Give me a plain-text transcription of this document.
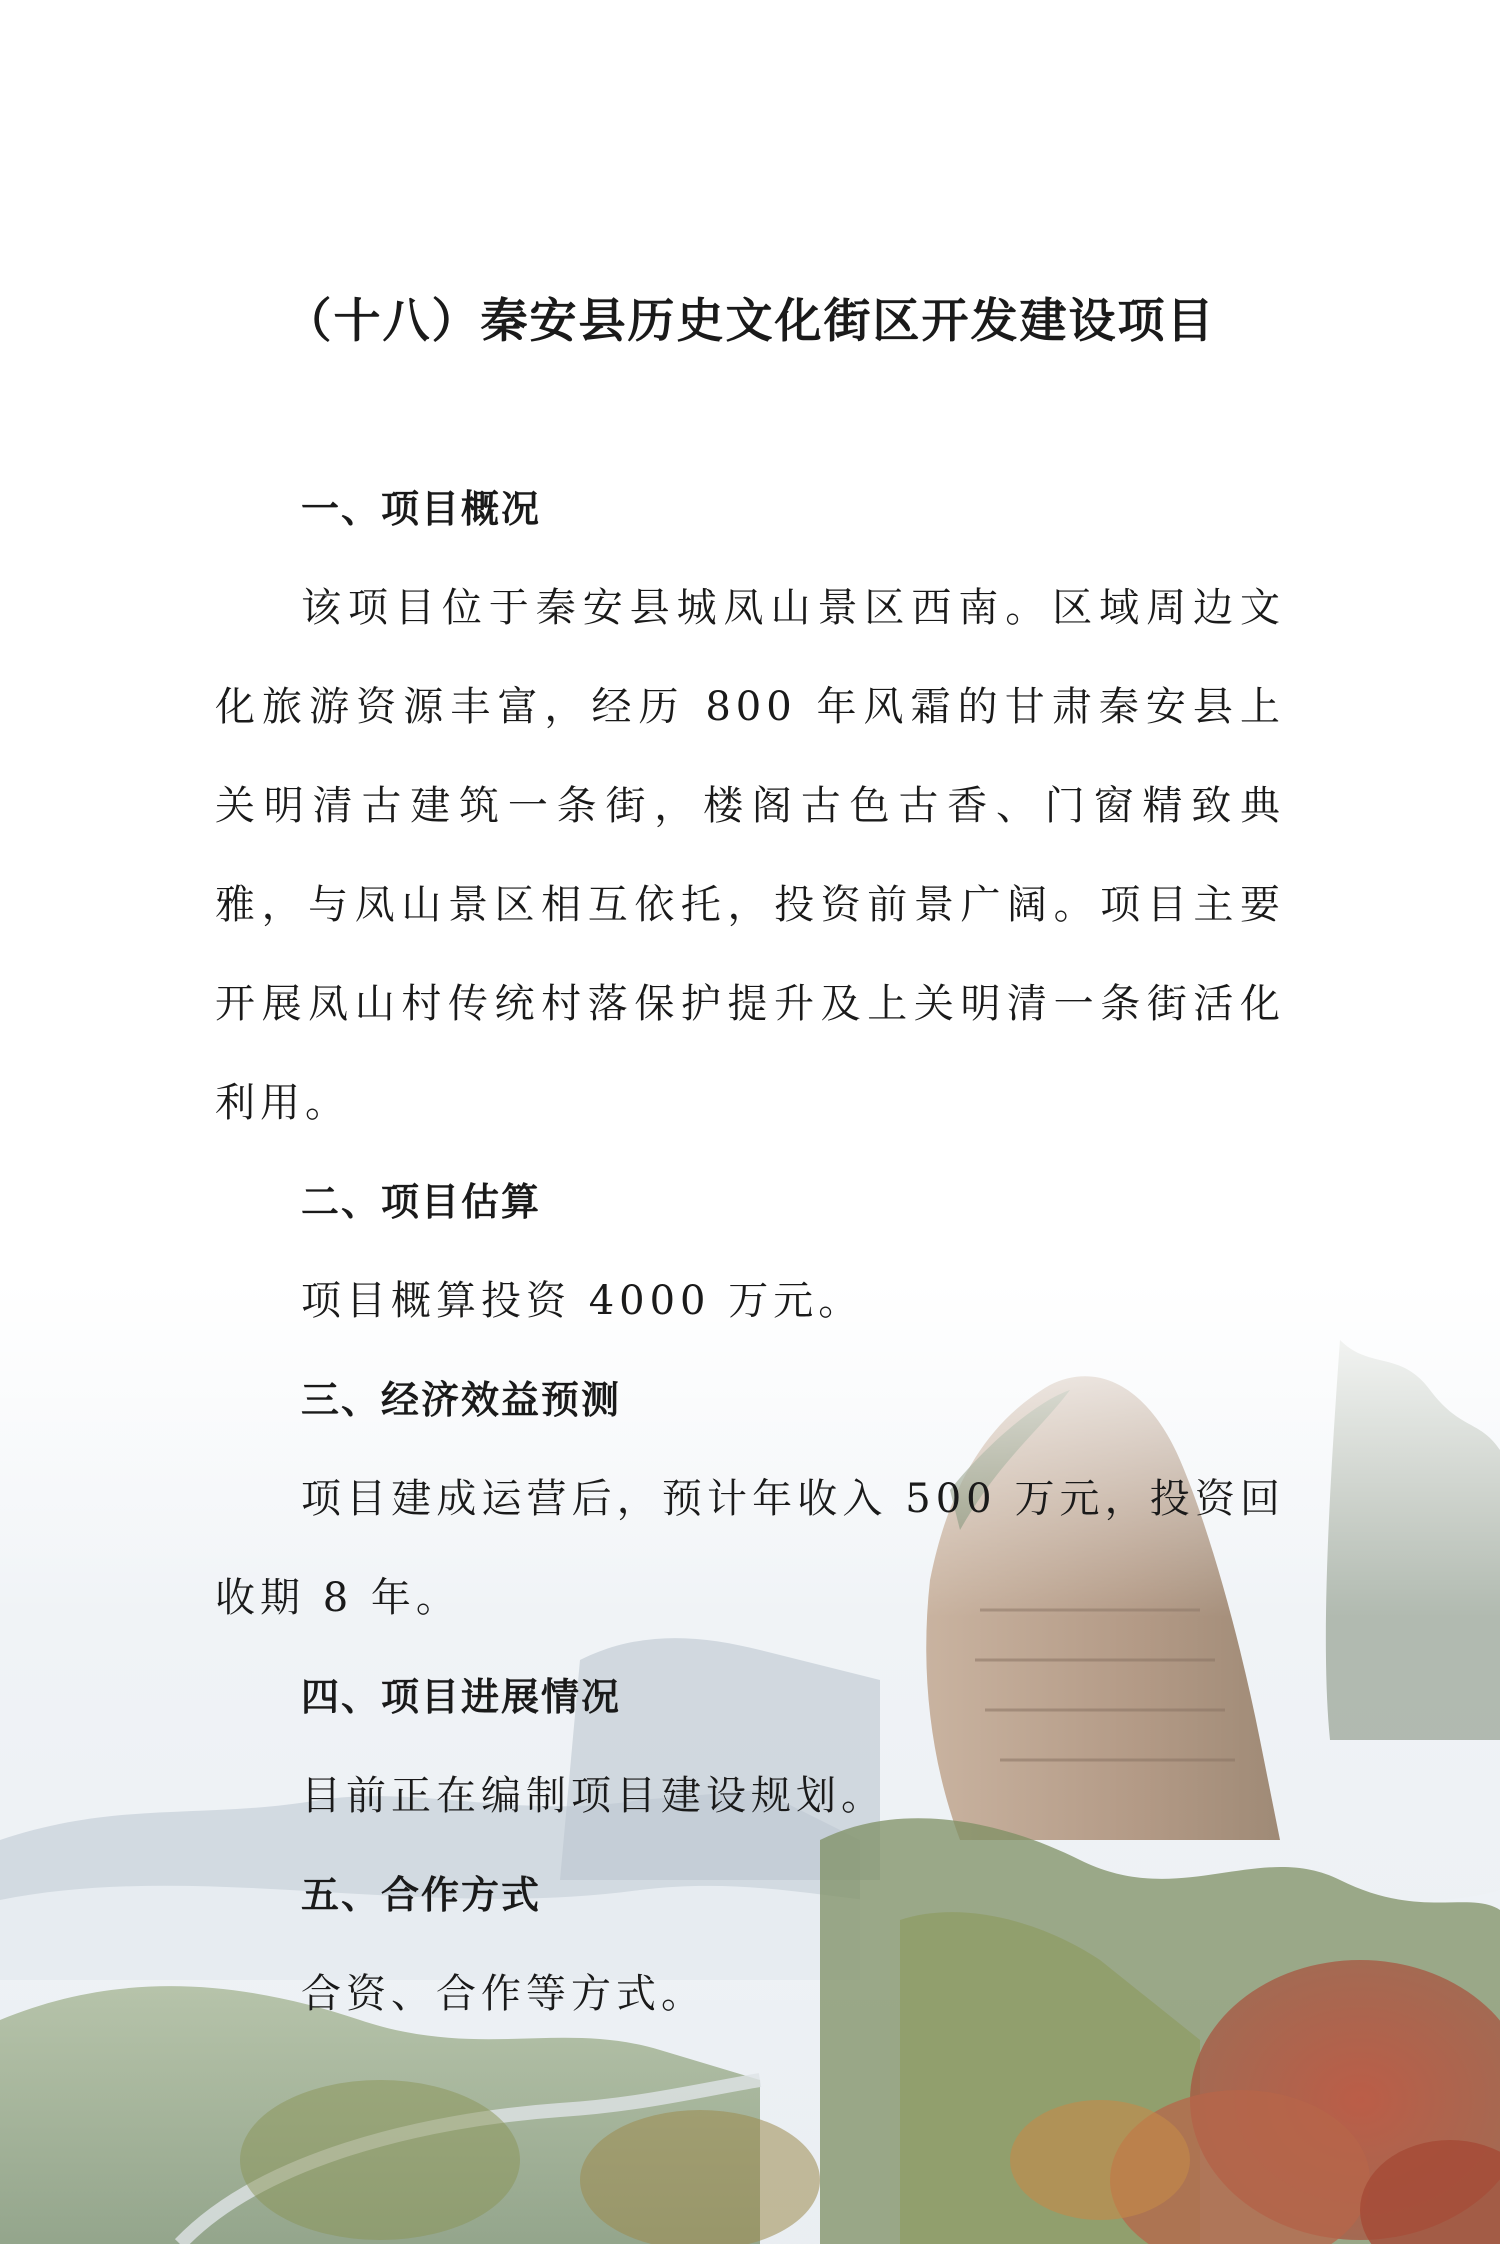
（十八）秦安县历史文化街区开发建设项目

一、项目概况

该项目位于秦安县城凤山景区西南。区域周边文化旅游资源丰富，经历 800 年风霜的甘肃秦安县上关明清古建筑一条街，楼阁古色古香、门窗精致典雅，与凤山景区相互依托，投资前景广阔。项目主要开展凤山村传统村落保护提升及上关明清一条街活化利用。

二、项目估算

项目概算投资 4000 万元。

三、经济效益预测

项目建成运营后，预计年收入 500 万元，投资回收期 8 年。

四、项目进展情况

目前正在编制项目建设规划。

五、合作方式

合资、合作等方式。
